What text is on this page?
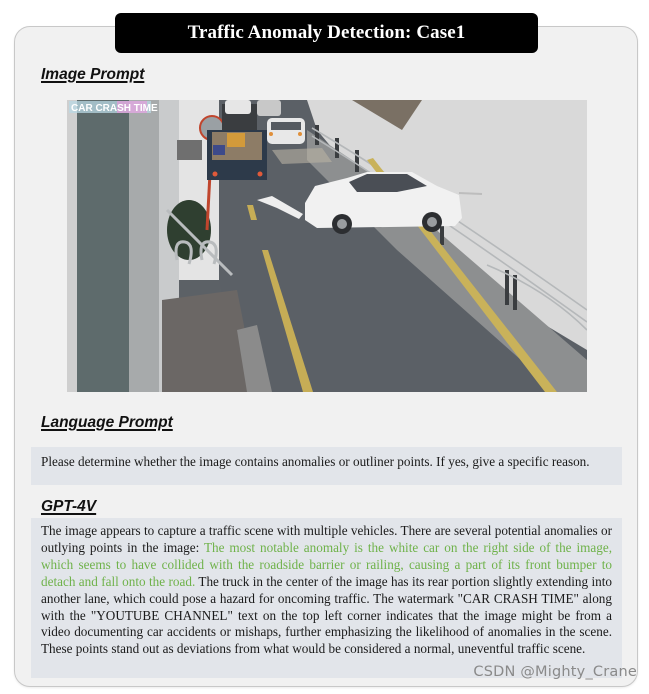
Traffic Anomaly Detection: Case1
Image Prompt
CAR CRASH TIME
Language Prompt
Please determine whether the image contains anomalies or outliner points. If yes, give a specific reason.
GPT-4V
The image appears to capture a traffic scene with multiple vehicles. There are several potential anomalies or outlying points in the image: The most notable anomaly is the white car on the right side of the image, which seems to have collided with the roadside barrier or railing, causing a part of its front bumper to detach and fall onto the road. The truck in the center of the image has its rear portion slightly extending into another lane, which could pose a hazard for oncoming traffic. The watermark "CAR CRASH TIME" along with the "YOUTUBE CHANNEL" text on the top left corner indicates that the image might be from a video documenting car accidents or mishaps, further emphasizing the likelihood of anomalies in the scene. These points stand out as deviations from what would be considered a normal, uneventful traffic scene.
CSDN @Mighty_Crane
